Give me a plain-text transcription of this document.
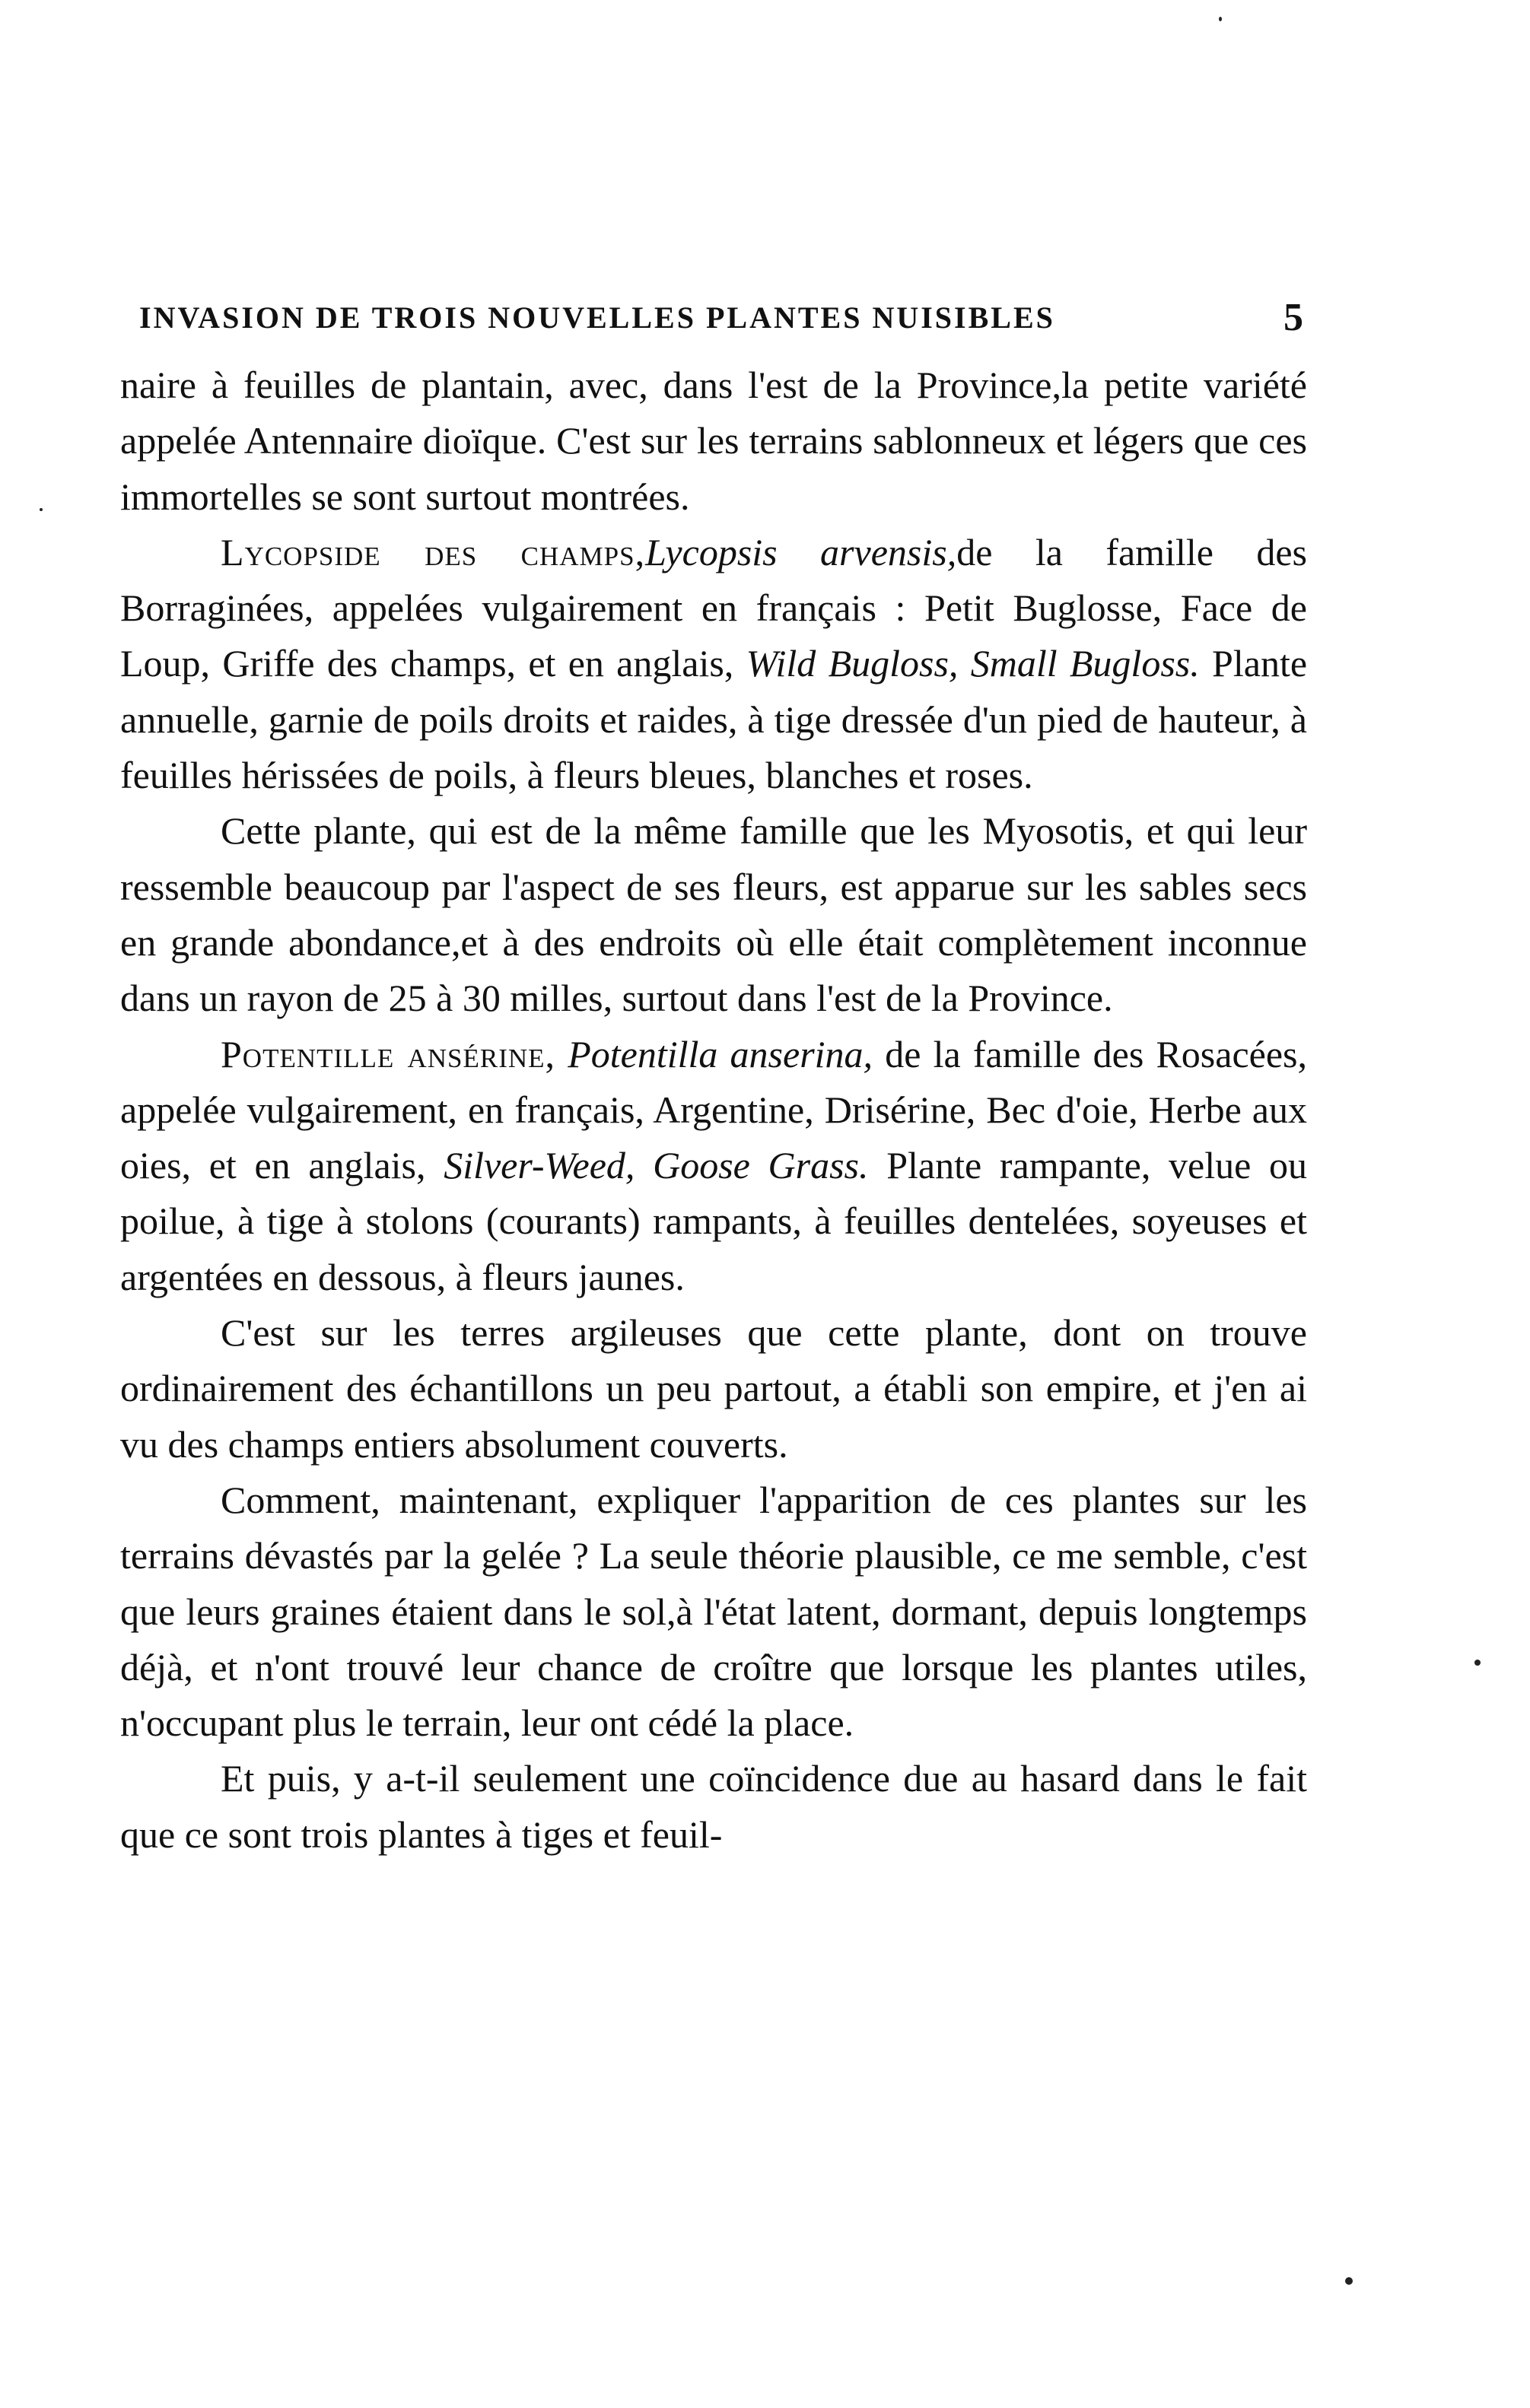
INVASION DE TROIS NOUVELLES PLANTES NUISIBLES	5

naire à feuilles de plantain, avec, dans l'est de la Province,la petite variété appelée Antennaire dioïque. C'est sur les terrains sablonneux et légers que ces immortelles se sont surtout montrées.

Lycopside des champs,Lycopsis arvensis,de la famille des Borraginées, appelées vulgairement en français : Petit Buglosse, Face de Loup, Griffe des champs, et en anglais, Wild Bugloss, Small Bugloss. Plante annuelle, garnie de poils droits et raides, à tige dressée d'un pied de hauteur, à feuilles hérissées de poils, à fleurs bleues, blanches et roses.

Cette plante, qui est de la même famille que les Myosotis, et qui leur ressemble beaucoup par l'aspect de ses fleurs, est apparue sur les sables secs en grande abondance,et à des endroits où elle était complètement inconnue dans un rayon de 25 à 30 milles, surtout dans l'est de la Province.

Potentille ansérine, Potentilla anserina, de la famille des Rosacées, appelée vulgairement, en français, Argentine, Drisérine, Bec d'oie, Herbe aux oies, et en anglais, Silver-Weed, Goose Grass. Plante rampante, velue ou poilue, à tige à stolons (courants) rampants, à feuilles dentelées, soyeuses et argentées en dessous, à fleurs jaunes.

C'est sur les terres argileuses que cette plante, dont on trouve ordinairement des échantillons un peu partout, a établi son empire, et j'en ai vu des champs entiers absolument couverts.

Comment, maintenant, expliquer l'apparition de ces plantes sur les terrains dévastés par la gelée ? La seule théorie plausible, ce me semble, c'est que leurs graines étaient dans le sol,à l'état latent, dormant, depuis longtemps déjà, et n'ont trouvé leur chance de croître que lorsque les plantes utiles, n'occupant plus le terrain, leur ont cédé la place.

Et puis, y a-t-il seulement une coïncidence due au hasard dans le fait que ce sont trois plantes à tiges et feuil-
